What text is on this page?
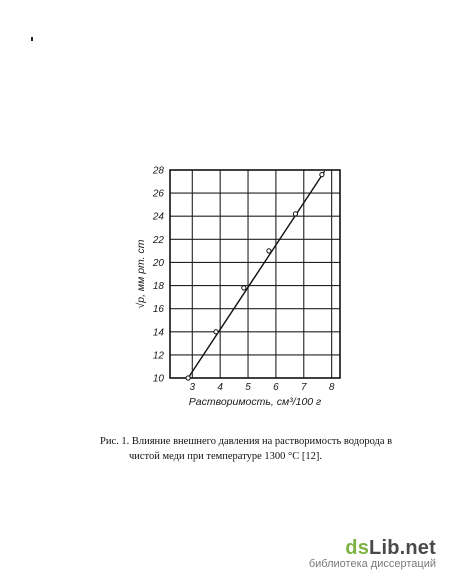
3 4 5 6 7 8
10
12
14
16
18
20
22
24
26
28
Растворимость, см³/100 г
√p, мм рт. ст

Рис. 1. Влияние внешнего давления на растворимость водорода в

чистой меди при температуре 1300 °С [12].

dsLib.net
библиотека диссертаций
